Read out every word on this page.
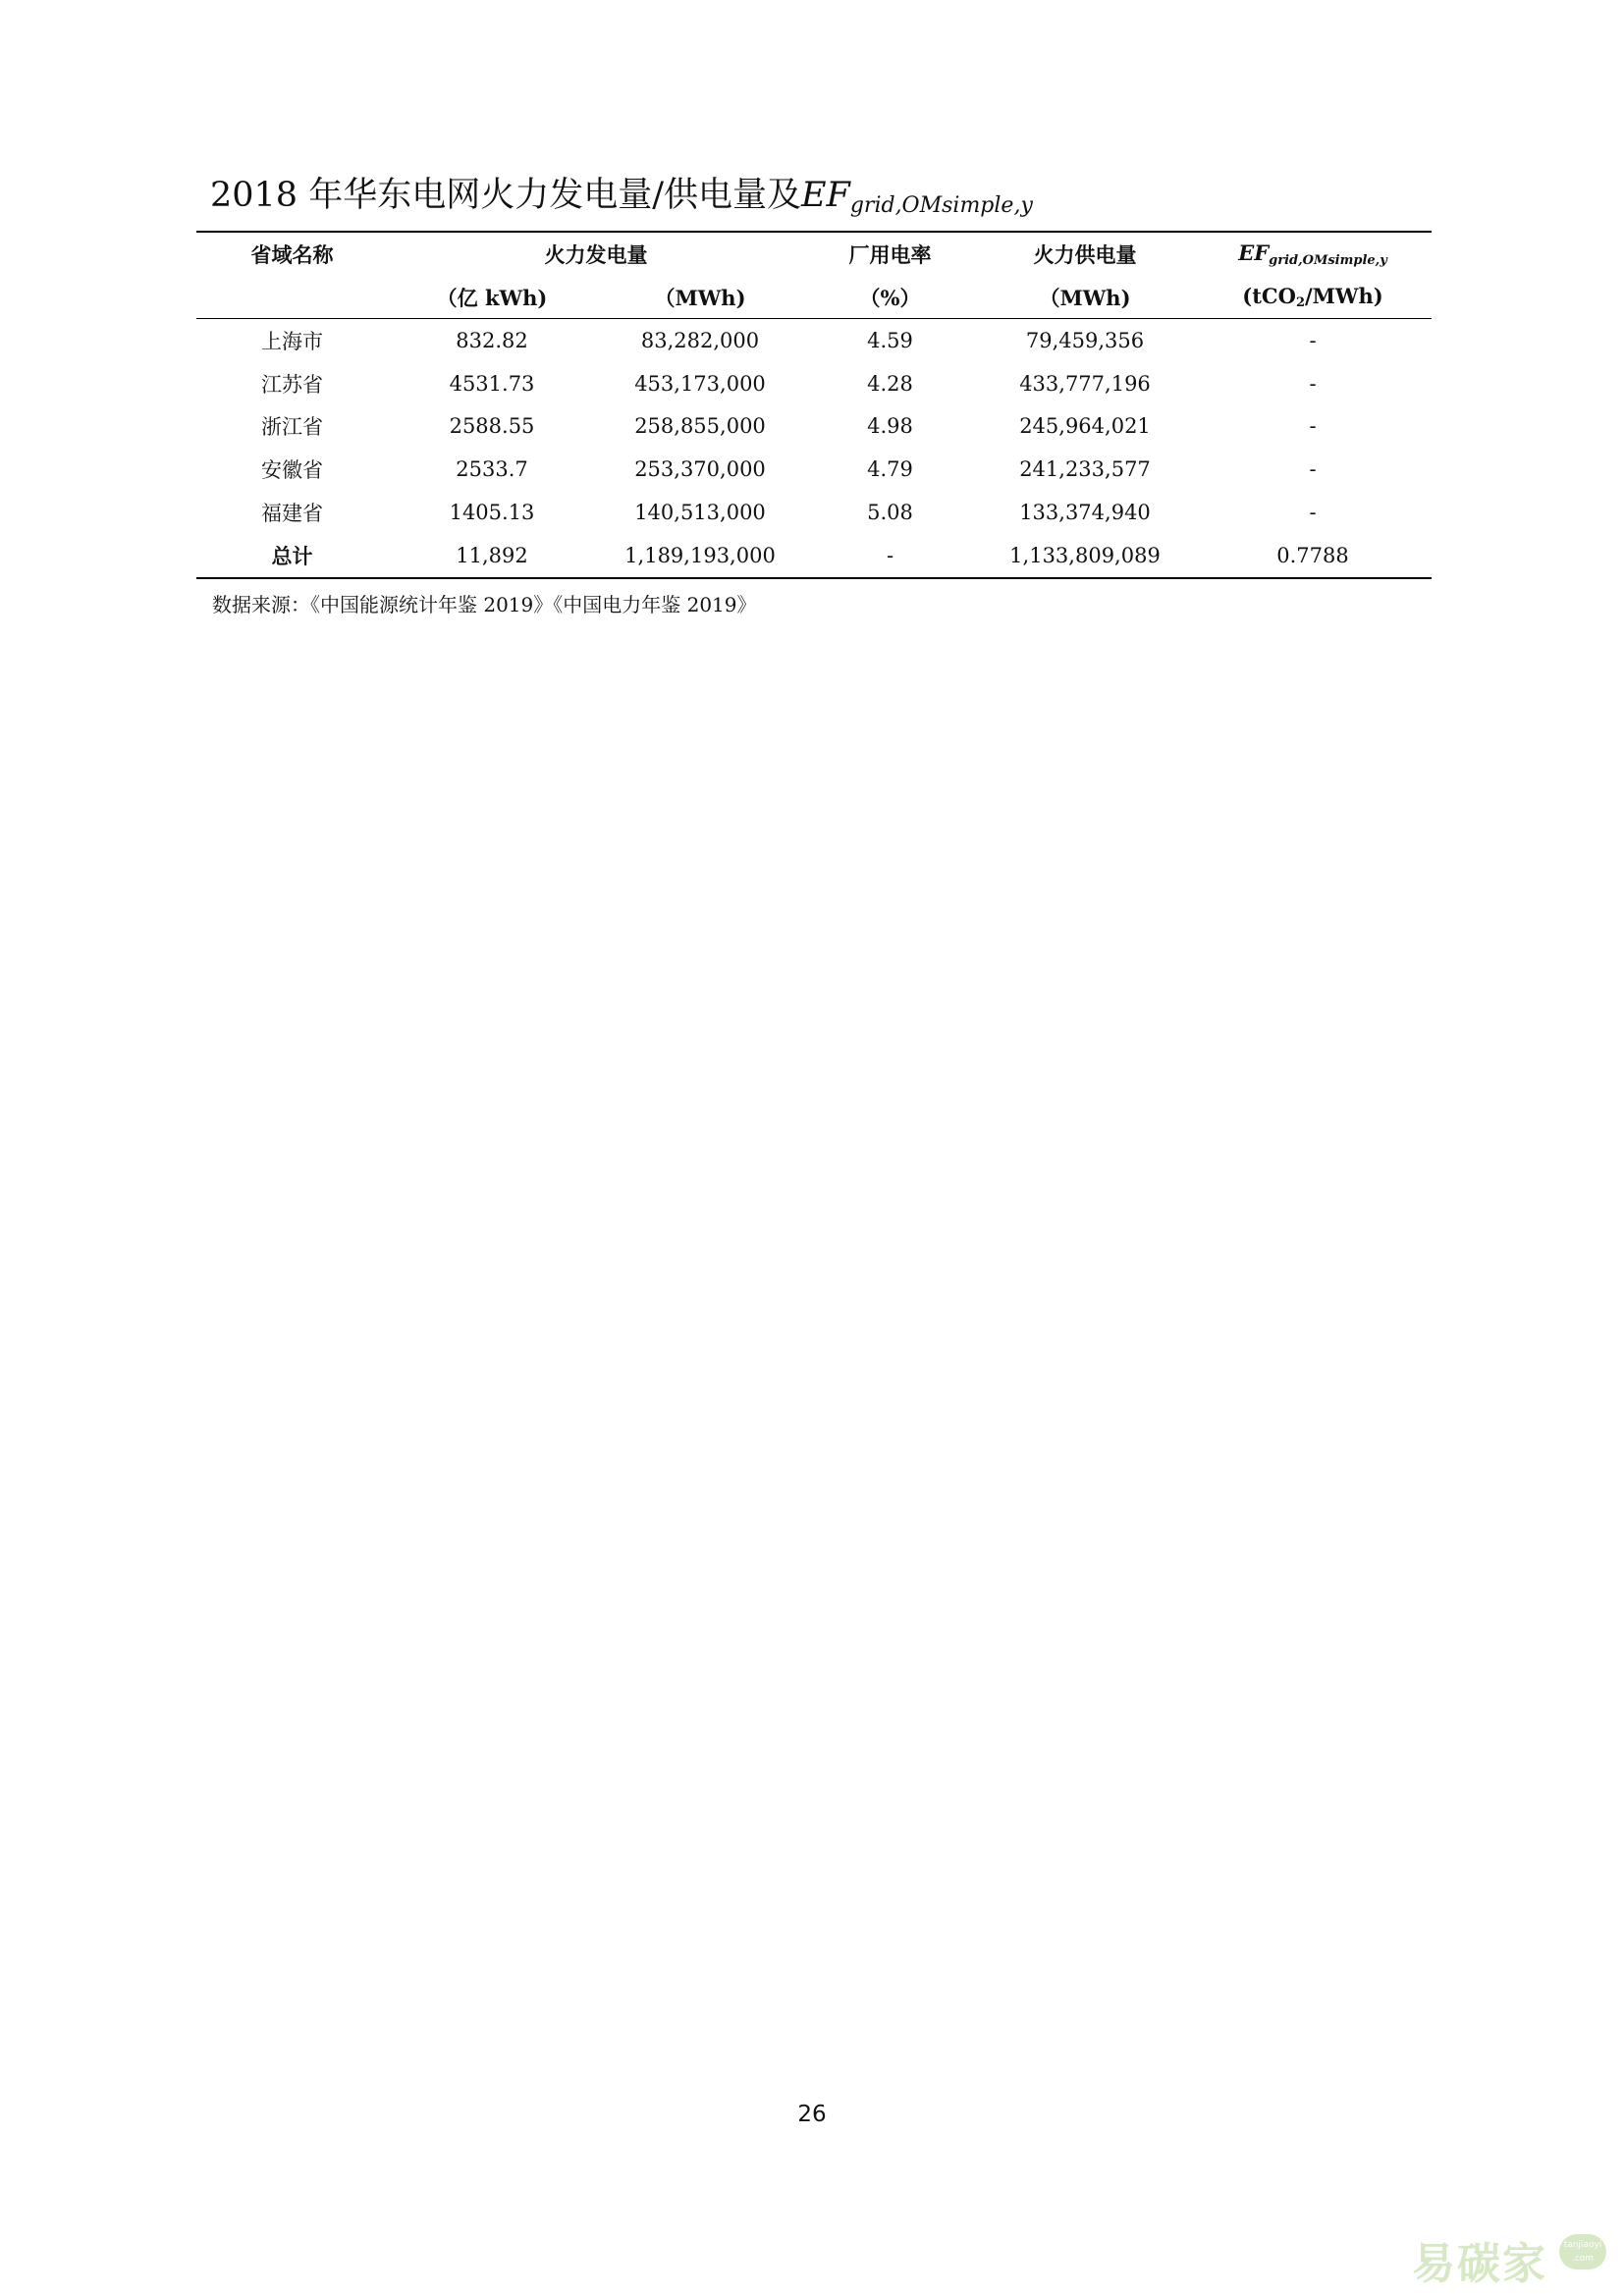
2018 年华东电网火力发电量/供电量及$EF_{grid,OMsimple,y}$
省域名称	火力发电量		厂用电率	火力供电量	$EF_{grid,OMsimple,y}$
	（亿 kWh)	（MWh)	（%）	（MWh)	(tCO$_2$/MWh)
上海市	832.82	83,282,000	4.59	79,459,356	-
江苏省	4531.73	453,173,000	4.28	433,777,196	-
浙江省	2588.55	258,855,000	4.98	245,964,021	-
安徽省	2533.7	253,370,000	4.79	241,233,577	-
福建省	1405.13	140,513,000	5.08	133,374,940	-
总计	11,892	1,189,193,000	-	1,133,809,089	0.7788
数据来源：《中国能源统计年鉴 2019》《中国电力年鉴 2019》
26
易碳家	tanjiaoyi
.com
